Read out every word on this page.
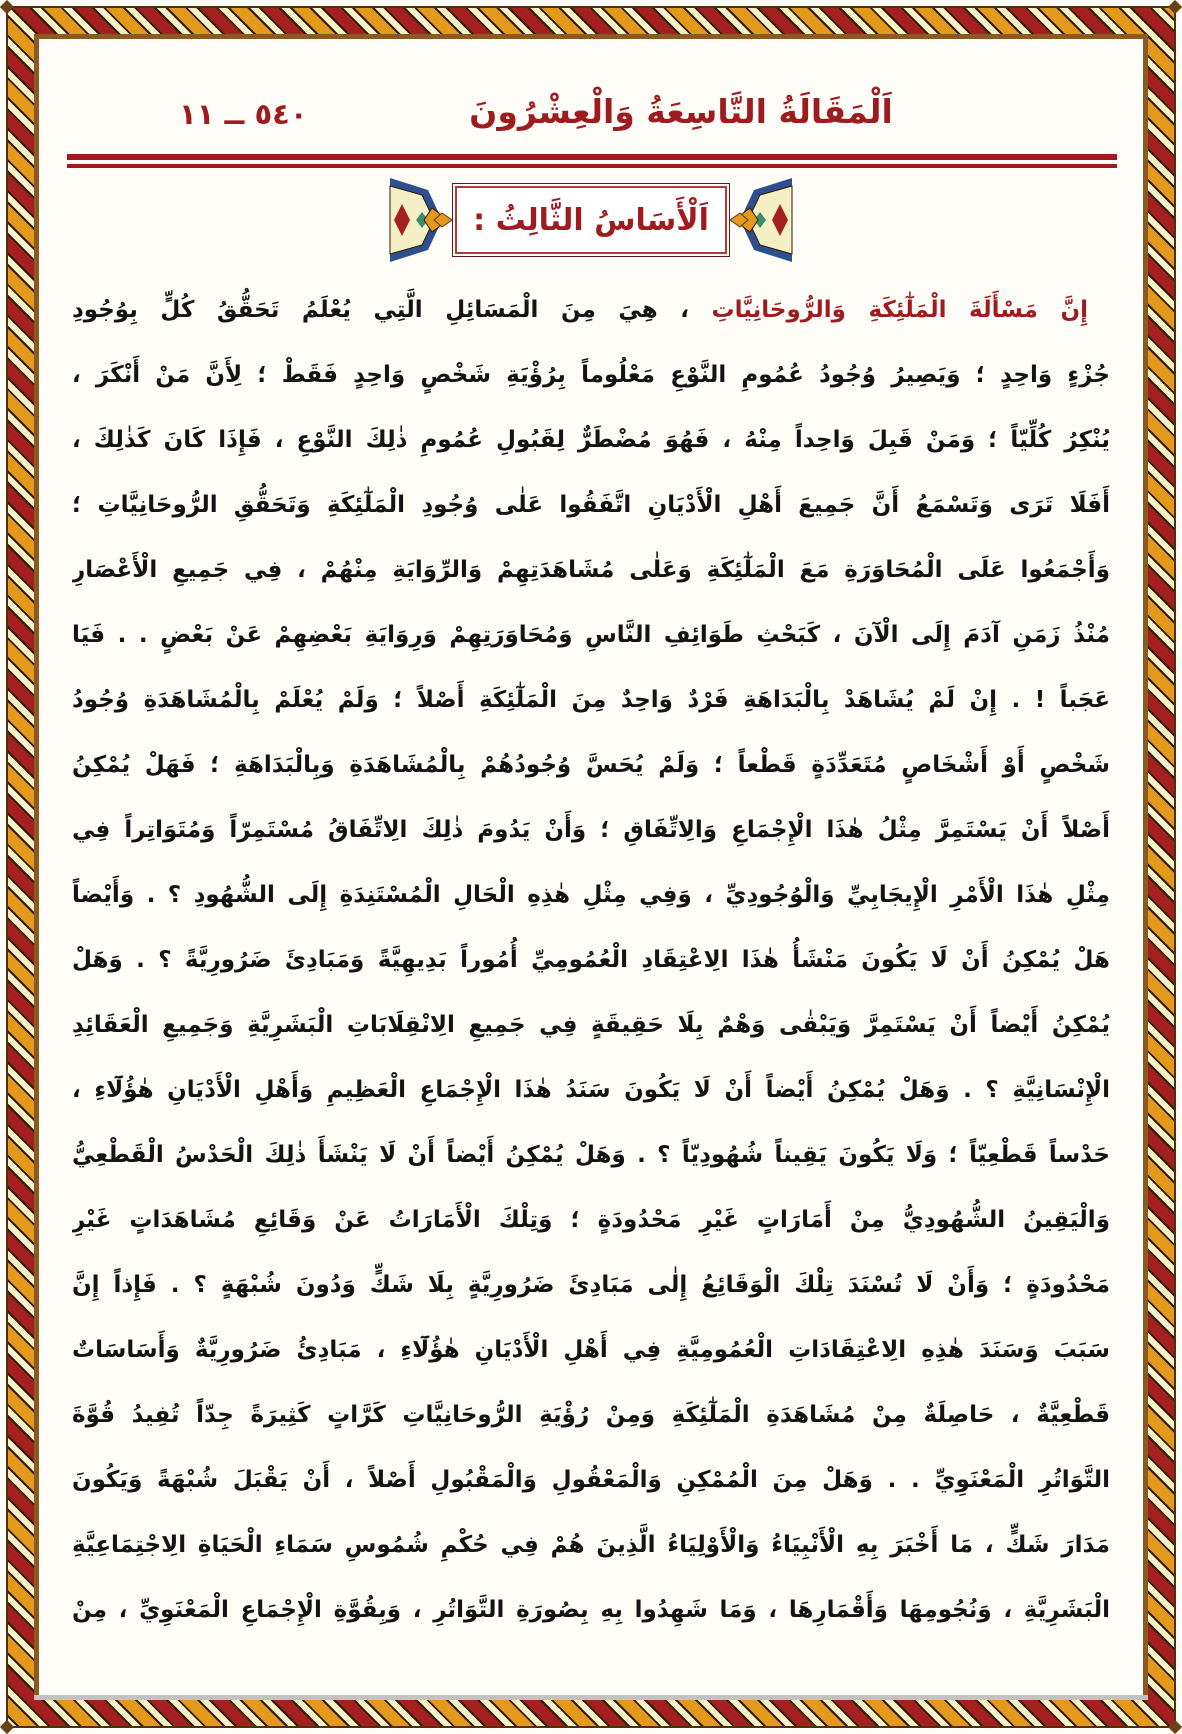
اَلْمَقَالَةُ التَّاسِعَةُ وَالْعِشْرُونَ
٥٤٠ ــ ١١
اَلْأَسَاسُ الثَّالِثُ :
إِنَّ مَسْأَلَةَ الْمَلٰٓئِكَةِ وَالرُّوحَانِيَّاتِ ، هِيَ مِنَ الْمَسَائِلِ الَّتِي يُعْلَمُ تَحَقُّقُ كُلٍّ بِوُجُودِ
جُزْءٍ وَاحِدٍ ؛ وَيَصِيرُ وُجُودُ عُمُومِ النَّوْعِ مَعْلُوماً بِرُؤْيَةِ شَخْصٍ وَاحِدٍ فَقَطْ ؛ لِأَنَّ مَنْ أَنْكَرَ ،
يُنْكِرُ كُلِّيّاً ؛ وَمَنْ قَبِلَ وَاحِداً مِنْهُ ، فَهُوَ مُضْطَرٌّ لِقَبُولِ عُمُومِ ذٰلِكَ النَّوْعِ ، فَإِذَا كَانَ كَذٰلِكَ ،
أَفَلَا تَرَى وَتَسْمَعُ أَنَّ جَمِيعَ أَهْلِ الْأَدْيَانِ اتَّفَقُوا عَلٰى وُجُودِ الْمَلٰٓئِكَةِ وَتَحَقُّقِ الرُّوحَانِيَّاتِ ؛
وَأَجْمَعُوا عَلَى الْمُحَاوَرَةِ مَعَ الْمَلٰٓئِكَةِ وَعَلٰى مُشَاهَدَتِهِمْ وَالرِّوَايَةِ مِنْهُمْ ، فِي جَمِيعِ الْأَعْصَارِ
مُنْذُ زَمَنِ آدَمَ إِلَى الْآنَ ، كَبَحْثِ طَوَائِفِ النَّاسِ وَمُحَاوَرَتِهِمْ وَرِوَايَةِ بَعْضِهِمْ عَنْ بَعْضٍ . . فَيَا
عَجَباً ! . إِنْ لَمْ يُشَاهَدْ بِالْبَدَاهَةِ فَرْدٌ وَاحِدٌ مِنَ الْمَلٰٓئِكَةِ أَصْلاً ؛ وَلَمْ يُعْلَمْ بِالْمُشَاهَدَةِ وُجُودُ
شَخْصٍ أَوْ أَشْخَاصٍ مُتَعَدِّدَةٍ قَطْعاً ؛ وَلَمْ يُحَسَّ وُجُودُهُمْ بِالْمُشَاهَدَةِ وَبِالْبَدَاهَةِ ؛ فَهَلْ يُمْكِنُ
أَصْلاً أَنْ يَسْتَمِرَّ مِثْلُ هٰذَا الْإِجْمَاعِ وَالِاتِّفَاقِ ؛ وَأَنْ يَدُومَ ذٰلِكَ الِاتِّفَاقُ مُسْتَمِرّاً وَمُتَوَاتِراً فِي
مِثْلِ هٰذَا الْأَمْرِ الْإِيجَابِيِّ وَالْوُجُودِيِّ ، وَفِي مِثْلِ هٰذِهِ الْحَالِ الْمُسْتَنِدَةِ إِلَى الشُّهُودِ ؟ . وَأَيْضاً
هَلْ يُمْكِنُ أَنْ لَا يَكُونَ مَنْشَأُ هٰذَا الِاعْتِقَادِ الْعُمُومِيِّ أُمُوراً بَدِيهِيَّةً وَمَبَادِئَ ضَرُورِيَّةً ؟ . وَهَلْ
يُمْكِنُ أَيْضاً أَنْ يَسْتَمِرَّ وَيَبْقٰى وَهْمٌ بِلَا حَقِيقَةٍ فِي جَمِيعِ الِانْقِلَابَاتِ الْبَشَرِيَّةِ وَجَمِيعِ الْعَقَائِدِ
الْإِنْسَانِيَّةِ ؟ . وَهَلْ يُمْكِنُ أَيْضاً أَنْ لَا يَكُونَ سَنَدُ هٰذَا الْإِجْمَاعِ الْعَظِيمِ وَأَهْلِ الْأَدْيَانِ هٰؤُلَٓاءِ ،
حَدْساً قَطْعِيّاً ؛ وَلَا يَكُونَ يَقِيناً شُهُودِيّاً ؟ . وَهَلْ يُمْكِنُ أَيْضاً أَنْ لَا يَنْشَأَ ذٰلِكَ الْحَدْسُ الْقَطْعِيُّ
وَالْيَقِينُ الشُّهُودِيُّ مِنْ أَمَارَاتٍ غَيْرِ مَحْدُودَةٍ ؛ وَتِلْكَ الْأَمَارَاتُ عَنْ وَقَائِعِ مُشَاهَدَاتٍ غَيْرِ
مَحْدُودَةٍ ؛ وَأَنْ لَا تُسْنَدَ تِلْكَ الْوَقَائِعُ إِلٰى مَبَادِئَ ضَرُورِيَّةٍ بِلَا شَكٍّ وَدُونَ شُبْهَةٍ ؟ . فَإِذاً إِنَّ
سَبَبَ وَسَنَدَ هٰذِهِ الِاعْتِقَادَاتِ الْعُمُومِيَّةِ فِي أَهْلِ الْأَدْيَانِ هٰؤُلَٓاءِ ، مَبَادِئُ ضَرُورِيَّةٌ وَأَسَاسَاتٌ
قَطْعِيَّةٌ ، حَاصِلَةٌ مِنْ مُشَاهَدَةِ الْمَلٰٓئِكَةِ وَمِنْ رُؤْيَةِ الرُّوحَانِيَّاتِ كَرَّاتٍ كَثِيرَةً جِدّاً تُفِيدُ قُوَّةَ
التَّوَاتُرِ الْمَعْنَوِيِّ . . وَهَلْ مِنَ الْمُمْكِنِ وَالْمَعْقُولِ وَالْمَقْبُولِ أَصْلاً ، أَنْ يَقْبَلَ شُبْهَةً وَيَكُونَ
مَدَارَ شَكٍّ ، مَا أَخْبَرَ بِهِ الْأَنْبِيَاءُ وَالْأَوْلِيَاءُ الَّذِينَ هُمْ فِي حُكْمِ شُمُوسِ سَمَاءِ الْحَيَاةِ الِاجْتِمَاعِيَّةِ
الْبَشَرِيَّةِ ، وَنُجُومِهَا وَأَقْمَارِهَا ، وَمَا شَهِدُوا بِهِ بِصُورَةِ التَّوَاتُرِ ، وَبِقُوَّةِ الْإِجْمَاعِ الْمَعْنَوِيِّ ، مِنْ
